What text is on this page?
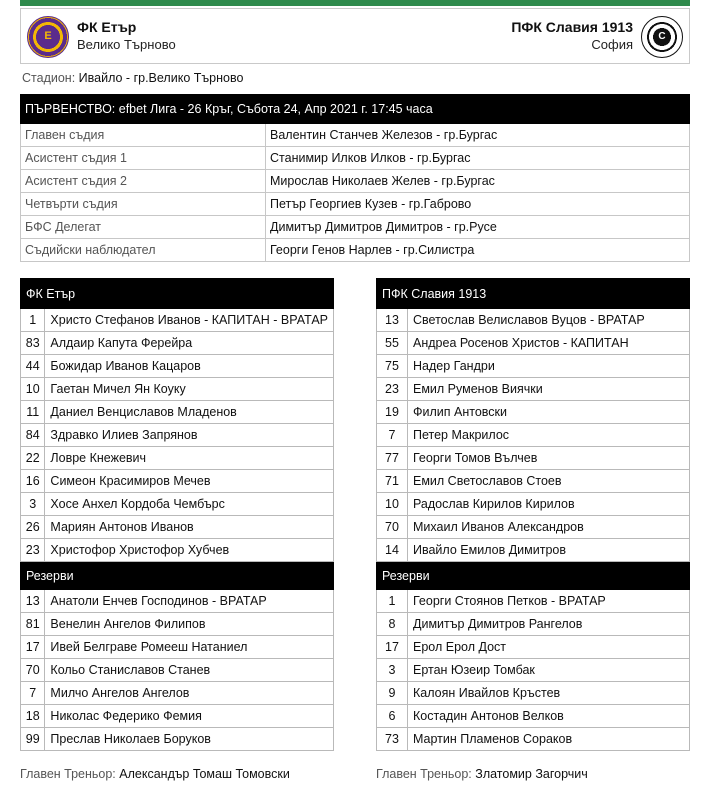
Е
ФК Етър
Велико Търново
ПФК Славия 1913
София
С
Стадион: Ивайло - гр.Велико Търново
ПЪРВЕНСТВО: efbet Лига - 26 Кръг, Събота 24, Апр 2021 г. 17:45 часа	
Главен съдия	Валентин Станчев Железов - гр.Бургас
Асистент съдия 1	Станимир Илков Илков - гр.Бургас
Асистент съдия 2	Мирослав Николаев Желев - гр.Бургас
Четвърти съдия	Петър Георгиев Кузев - гр.Габрово
БФС Делегат	Димитър Димитров Димитров - гр.Русе
Съдийски наблюдател	Георги Генов Нарлев - гр.Силистра
ФК Етър	
1	Христо Стефанов Иванов - КАПИТАН - ВРАТАР
83	Алдаир Капута Ферейра
44	Божидар Иванов Кацаров
10	Гаетан Мичел Ян Коуку
11	Даниел Венциславов Младенов
84	Здравко Илиев Запрянов
22	Ловре Кнежевич
16	Симеон Красимиров Мечев
3	Хосе Анхел Кордоба Чембърс
26	Мариян Антонов Иванов
23	Христофор Христофор Хубчев
Резерви	
13	Анатоли Енчев Господинов - ВРАТАР
81	Венелин Ангелов Филипов
17	Ивей Белграве Ромееш Натаниел
70	Кольо Станиславов Станев
7	Милчо Ангелов Ангелов
18	Николас Федерико Фемия
99	Преслав Николаев Боруков
ПФК Славия 1913	
13	Светослав Велиславов Вуцов - ВРАТАР
55	Андреа Росенов Христов - КАПИТАН
75	Надер Гандри
23	Емил Руменов Виячки
19	Филип Антовски
7	Петер Макрилос
77	Георги Томов Вълчев
71	Емил Светославов Стоев
10	Радослав Кирилов Кирилов
70	Михаил Иванов Александров
14	Ивайло Емилов Димитров
Резерви	
1	Георги Стоянов Петков - ВРАТАР
8	Димитър Димитров Рангелов
17	Ерол Ерол Дост
3	Ертан Юзеир Томбак
9	Калоян Ивайлов Кръстев
6	Костадин Антонов Велков
73	Мартин Пламенов Сораков
Главен Треньор: Александър Томаш Томовски	Главен Треньор: Златомир Загорчич
